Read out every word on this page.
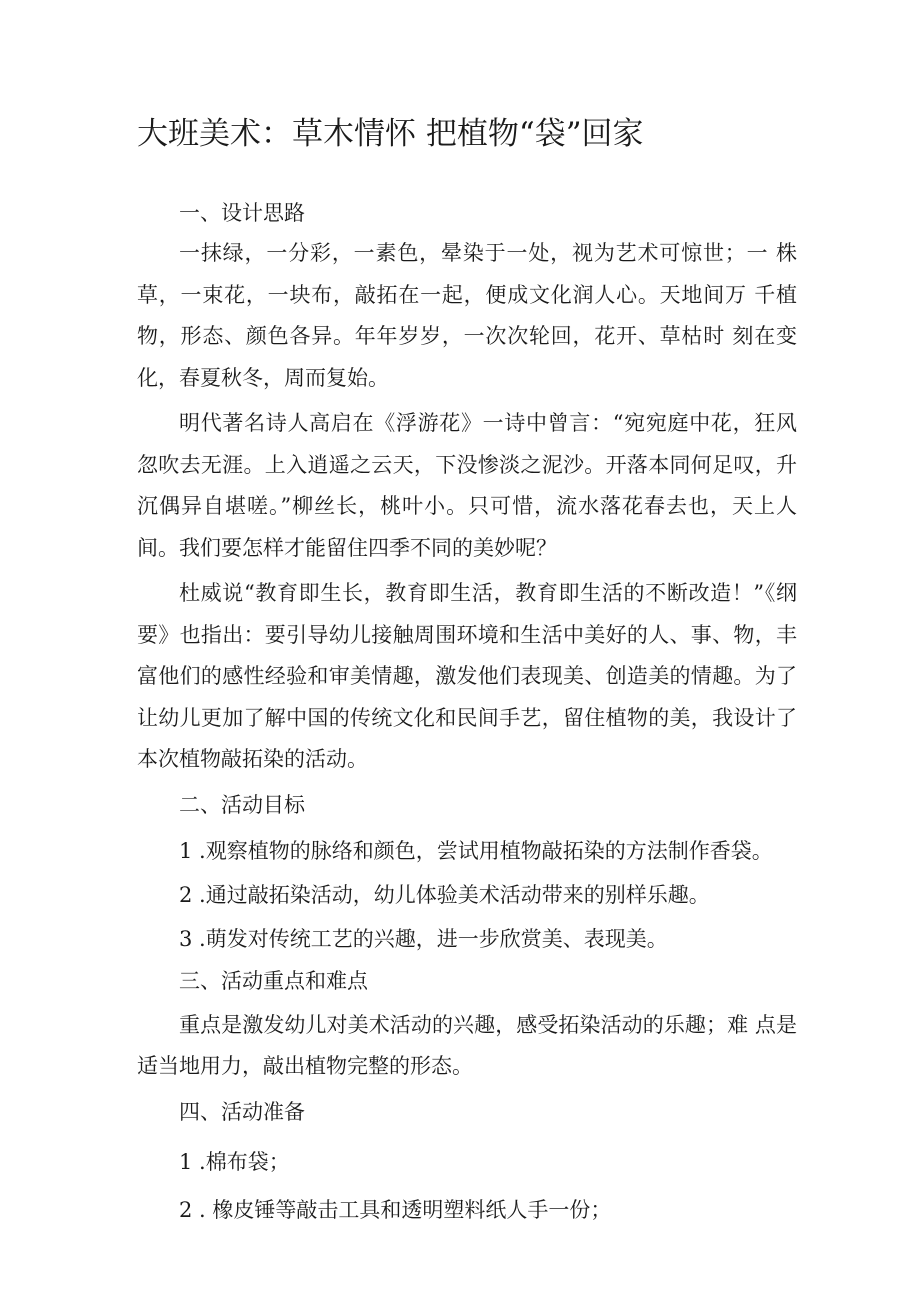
大班美术：草木情怀 把植物“袋”回家

一、设计思路

一抹绿，一分彩，一素色，晕染于一处，视为艺术可惊世；一 株草，一束花，一块布，敲拓在一起，便成文化润人心。天地间万 千植物，形态、颜色各异。年年岁岁，一次次轮回，花开、草枯时 刻在变化，春夏秋冬，周而复始。

明代著名诗人高启在《浮游花》一诗中曾言：“宛宛庭中花，狂风忽吹去无涯。上入逍遥之云天，下没惨淡之泥沙。开落本同何足叹，升沉偶异自堪嗟。”柳丝长，桃叶小。只可惜，流水落花春去也，天上人间。我们要怎样才能留住四季不同的美妙呢？

杜威说“教育即生长，教育即生活，教育即生活的不断改造！”《纲要》也指出：要引导幼儿接触周围环境和生活中美好的人、事、物，丰富他们的感性经验和审美情趣，激发他们表现美、创造美的情趣。为了让幼儿更加了解中国的传统文化和民间手艺，留住植物的美，我设计了本次植物敲拓染的活动。

二、活动目标

1 .观察植物的脉络和颜色，尝试用植物敲拓染的方法制作香袋。

2 .通过敲拓染活动，幼儿体验美术活动带来的别样乐趣。

3 .萌发对传统工艺的兴趣，进一步欣赏美、表现美。

三、活动重点和难点

重点是激发幼儿对美术活动的兴趣，感受拓染活动的乐趣；难 点是适当地用力，敲出植物完整的形态。

四、活动准备

1 .棉布袋；

2 . 橡皮锤等敲击工具和透明塑料纸人手一份；
